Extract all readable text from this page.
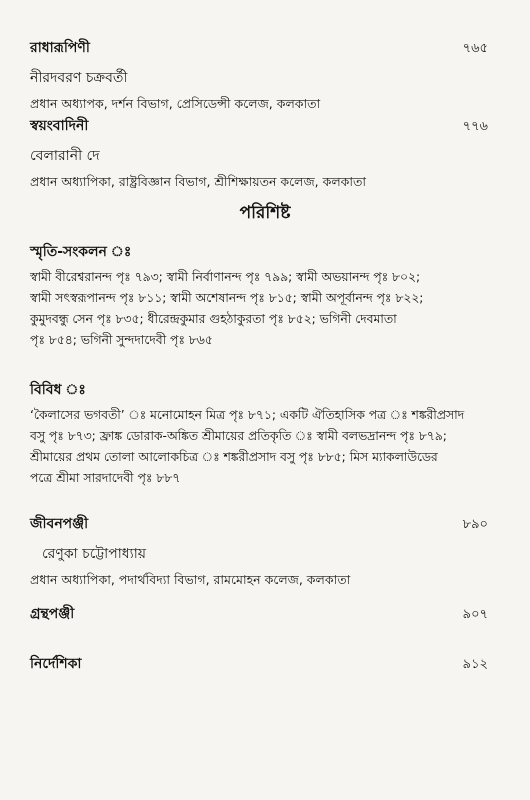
রাধারূপিণী	৭৬৫
নীরদবরণ চক্রবর্তী
প্রধান অধ্যাপক, দর্শন বিভাগ, প্রেসিডেন্সী কলেজ, কলকাতা
স্বয়ংবাদিনী	৭৭৬
বেলারানী দে
প্রধান অধ্যাপিকা, রাষ্ট্রবিজ্ঞান বিভাগ, শ্রীশিক্ষায়তন কলেজ, কলকাতা
পরিশিষ্ট
স্মৃতি-সংকলন ঃ
স্বামী বীরেশ্বরানন্দ পৃঃ ৭৯৩; স্বামী নির্বাণানন্দ পৃঃ ৭৯৯; স্বামী অভয়ানন্দ পৃঃ ৮০২;
স্বামী সৎস্বরূপানন্দ পৃঃ ৮১১; স্বামী অশেষানন্দ পৃঃ ৮১৫; স্বামী অপূর্বানন্দ পৃঃ ৮২২;
কুমুদবন্ধু সেন পৃঃ ৮৩৫; ধীরেন্দ্রকুমার গুহঠাকুরতা পৃঃ ৮৫২; ভগিনী দেবমাতা
পৃঃ ৮৫৪; ভগিনী সুন্দদাদেবী পৃঃ ৮৬৫
বিবিধ ঃ
‘কৈলাসের ভগবতী’ ঃ মনোমোহন মিত্র পৃঃ ৮৭১; একটি ঐতিহাসিক পত্র ঃ শঙ্করীপ্রসাদ
বসু পৃঃ ৮৭৩; ফ্রাঙ্ক ডোরাক-অঙ্কিত শ্রীমায়ের প্রতিকৃতি ঃ স্বামী বলভদ্রানন্দ পৃঃ ৮৭৯;
শ্রীমায়ের প্রথম তোলা আলোকচিত্র ঃ শঙ্করীপ্রসাদ বসু পৃঃ ৮৮৫; মিস ম্যাকলাউডের
পত্রে শ্রীমা সারদাদেবী পৃঃ ৮৮৭
জীবনপঞ্জী	৮৯০
রেণুকা চট্টোপাধ্যায়
প্রধান অধ্যাপিকা, পদার্থবিদ্যা বিভাগ, রামমোহন কলেজ, কলকাতা
গ্রন্থপঞ্জী	৯০৭
নির্দেশিকা	৯১২
